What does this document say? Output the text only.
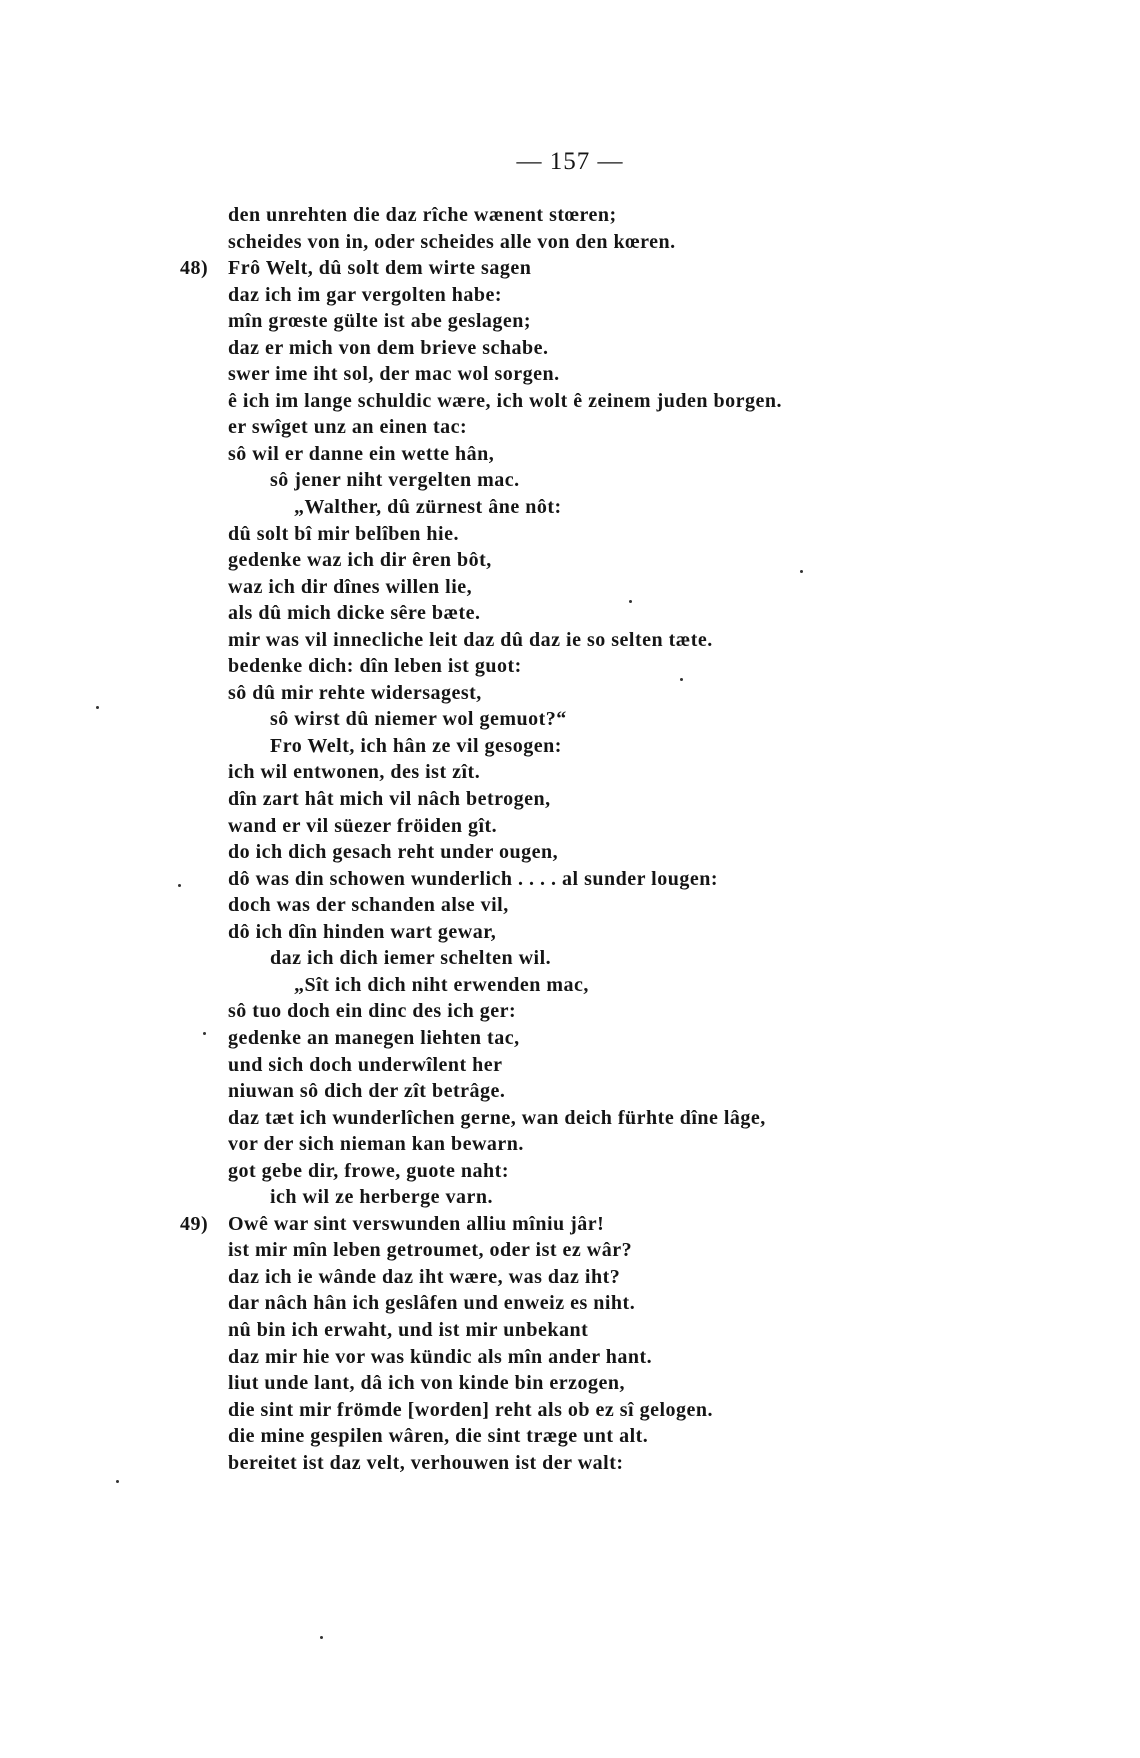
— 157 —
den unrehten die daz rîche wænent stœren;
scheides von in, oder scheides alle von den kœren.
48) Frô Welt, dû solt dem wirte sagen
daz ich im gar vergolten habe:
mîn grœste gülte ist abe geslagen;
daz er mich von dem brieve schabe.
swer ime iht sol, der mac wol sorgen.
ê ich im lange schuldic wære, ich wolt ê zeinem juden borgen.
er swîget unz an einen tac:
sô wil er danne ein wette hân,
sô jener niht vergelten mac.
„Walther, dû zürnest âne nôt:
dû solt bî mir belîben hie.
gedenke waz ich dir êren bôt,
waz ich dir dînes willen lie,
als dû mich dicke sêre bæte.
mir was vil innecliche leit daz dû daz ie so selten tæte.
bedenke dich: dîn leben ist guot:
sô dû mir rehte widersagest,
sô wirst dû niemer wol gemuot?“
Fro Welt, ich hân ze vil gesogen:
ich wil entwonen, des ist zît.
dîn zart hât mich vil nâch betrogen,
wand er vil süezer fröiden gît.
do ich dich gesach reht under ougen,
dô was din schowen wunderlich . . . . al sunder lougen:
doch was der schanden alse vil,
dô ich dîn hinden wart gewar,
daz ich dich iemer schelten wil.
„Sît ich dich niht erwenden mac,
sô tuo doch ein dinc des ich ger:
gedenke an manegen liehten tac,
und sich doch underwîlent her
niuwan sô dich der zît betrâge.
daz tæt ich wunderlîchen gerne, wan deich fürhte dîne lâge,
vor der sich nieman kan bewarn.
got gebe dir, frowe, guote naht:
ich wil ze herberge varn.
49) Owê war sint verswunden alliu mîniu jâr!
ist mir mîn leben getroumet, oder ist ez wâr?
daz ich ie wânde daz iht wære, was daz iht?
dar nâch hân ich geslâfen und enweiz es niht.
nû bin ich erwaht, und ist mir unbekant
daz mir hie vor was kündic als mîn ander hant.
liut unde lant, dâ ich von kinde bin erzogen,
die sint mir frömde [worden] reht als ob ez sî gelogen.
die mine gespilen wâren, die sint træge unt alt.
bereitet ist daz velt, verhouwen ist der walt:
